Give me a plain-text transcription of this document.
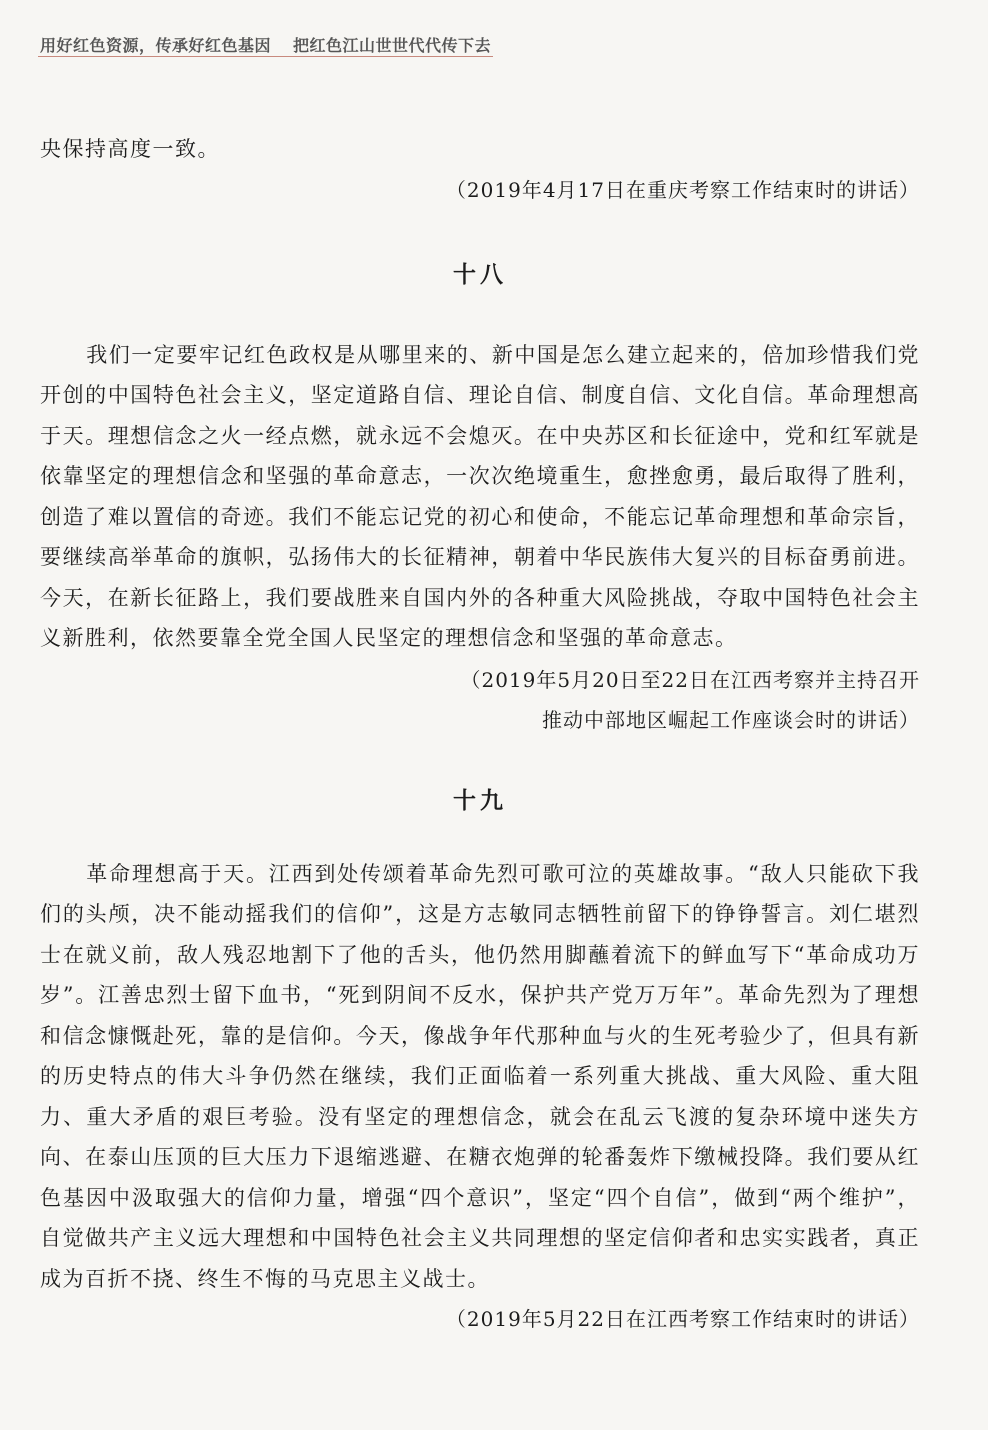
用好红色资源，传承好红色基因 把红色江山世世代代传下去

央保持高度一致。

（2019年4月17日在重庆考察工作结束时的讲话）

十八

我们一定要牢记红色政权是从哪里来的、新中国是怎么建立起来的，倍加珍惜我们党开创的中国特色社会主义，坚定道路自信、理论自信、制度自信、文化自信。革命理想高于天。理想信念之火一经点燃，就永远不会熄灭。在中央苏区和长征途中，党和红军就是依靠坚定的理想信念和坚强的革命意志，一次次绝境重生，愈挫愈勇，最后取得了胜利，创造了难以置信的奇迹。我们不能忘记党的初心和使命，不能忘记革命理想和革命宗旨，要继续高举革命的旗帜，弘扬伟大的长征精神，朝着中华民族伟大复兴的目标奋勇前进。今天，在新长征路上，我们要战胜来自国内外的各种重大风险挑战，夺取中国特色社会主义新胜利，依然要靠全党全国人民坚定的理想信念和坚强的革命意志。

（2019年5月20日至22日在江西考察并主持召开
推动中部地区崛起工作座谈会时的讲话）

十九

革命理想高于天。江西到处传颂着革命先烈可歌可泣的英雄故事。“敌人只能砍下我们的头颅，决不能动摇我们的信仰”，这是方志敏同志牺牲前留下的铮铮誓言。刘仁堪烈士在就义前，敌人残忍地割下了他的舌头，他仍然用脚蘸着流下的鲜血写下“革命成功万岁”。江善忠烈士留下血书，“死到阴间不反水，保护共产党万万年”。革命先烈为了理想和信念慷慨赴死，靠的是信仰。今天，像战争年代那种血与火的生死考验少了，但具有新的历史特点的伟大斗争仍然在继续，我们正面临着一系列重大挑战、重大风险、重大阻力、重大矛盾的艰巨考验。没有坚定的理想信念，就会在乱云飞渡的复杂环境中迷失方向、在泰山压顶的巨大压力下退缩逃避、在糖衣炮弹的轮番轰炸下缴械投降。我们要从红色基因中汲取强大的信仰力量，增强“四个意识”，坚定“四个自信”，做到“两个维护”，自觉做共产主义远大理想和中国特色社会主义共同理想的坚定信仰者和忠实实践者，真正成为百折不挠、终生不悔的马克思主义战士。

（2019年5月22日在江西考察工作结束时的讲话）
